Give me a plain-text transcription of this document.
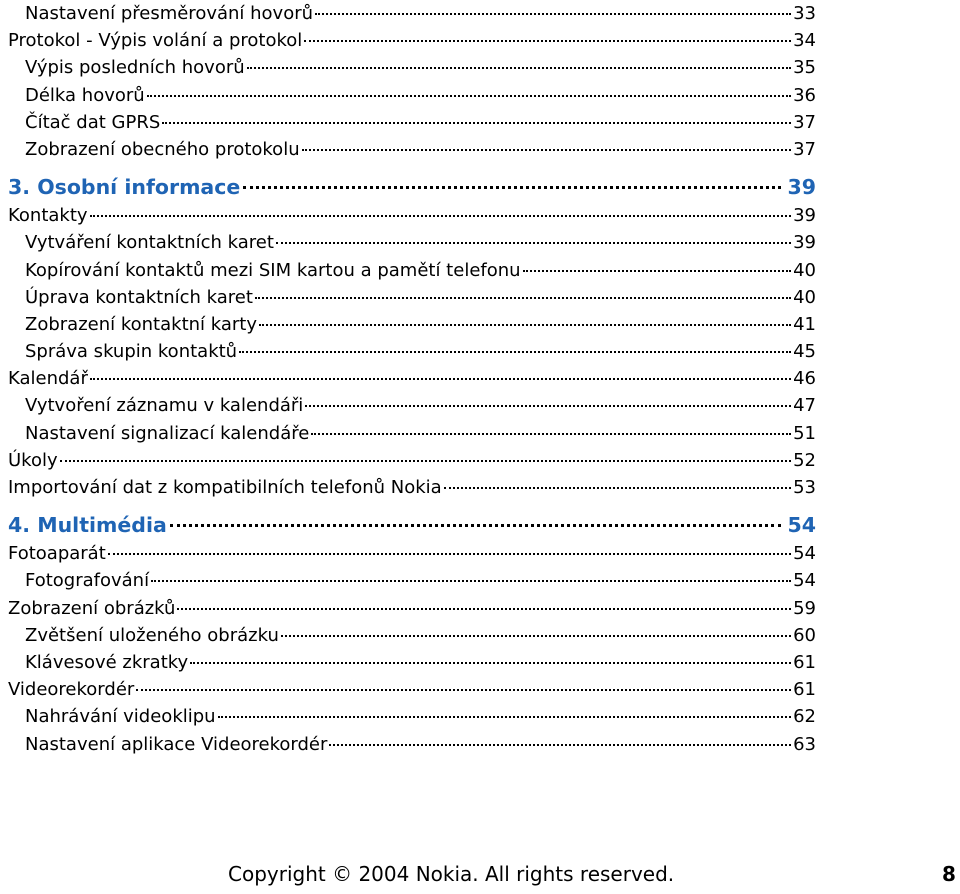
Nastavení přesměrování hovorů	33
Protokol - Výpis volání a protokol	34
Výpis posledních hovorů	35
Délka hovorů	36
Čítač dat GPRS	37
Zobrazení obecného protokolu	37
3. Osobní informace	39
Kontakty	39
Vytváření kontaktních karet	39
Kopírování kontaktů mezi SIM kartou a pamětí telefonu	40
Úprava kontaktních karet	40
Zobrazení kontaktní karty	41
Správa skupin kontaktů	45
Kalendář	46
Vytvoření záznamu v kalendáři	47
Nastavení signalizací kalendáře	51
Úkoly	52
Importování dat z kompatibilních telefonů Nokia	53
4. Multimédia	54
Fotoaparát	54
Fotografování	54
Zobrazení obrázků	59
Zvětšení uloženého obrázku	60
Klávesové zkratky	61
Videorekordér	61
Nahrávání videoklipu	62
Nastavení aplikace Videorekordér	63
Copyright © 2004 Nokia. All rights reserved.	8
